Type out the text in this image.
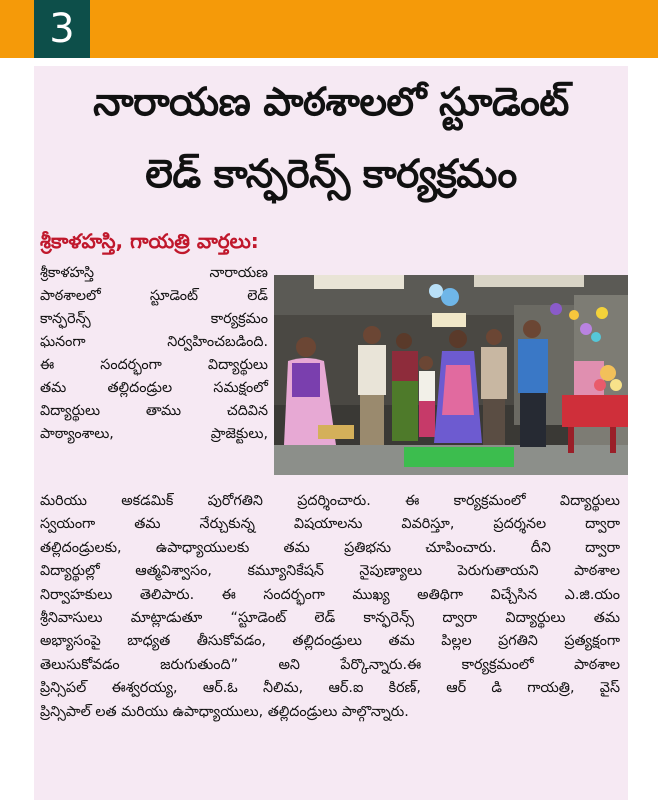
3
నారాయణ పాఠశాలలో స్టూడెంట్
లెడ్ కాన్ఫరెన్స్ కార్యక్రమం
శ్రీకాళహస్తి, గాయత్రి వార్తలు:
శ్రీకాళహస్తి నారాయణ
పాఠశాలలో స్టూడెంట్ లెడ్
కాన్ఫరెన్స్ కార్యక్రమం
ఘనంగా నిర్వహించబడింది.
ఈ సందర్భంగా విద్యార్థులు
తమ తల్లిదండ్రుల సమక్షంలో
విద్యార్థులు తాము చదివిన
పాఠ్యాంశాలు, ప్రాజెక్టులు,
మరియు అకడమిక్ పురోగతిని ప్రదర్శించారు. ఈ కార్యక్రమంలో విద్యార్థులు
స్వయంగా తమ నేర్చుకున్న విషయాలను వివరిస్తూ, ప్రదర్శనల ద్వారా
తల్లిదండ్రులకు, ఉపాధ్యాయులకు తమ ప్రతిభను చూపించారు. దీని ద్వారా
విద్యార్థుల్లో ఆత్మవిశ్వాసం, కమ్యూనికేషన్ నైపుణ్యాలు పెరుగుతాయని పాఠశాల
నిర్వాహకులు తెలిపారు. ఈ సందర్భంగా ముఖ్య అతిథిగా విచ్చేసిన ఎ.జి.యం
శ్రీనివాసులు మాట్లాడుతూ “స్టూడెంట్ లెడ్ కాన్ఫరెన్స్ ద్వారా విద్యార్థులు తమ
అభ్యాసంపై బాధ్యత తీసుకోవడం, తల్లిదండ్రులు తమ పిల్లల ప్రగతిని ప్రత్యక్షంగా
తెలుసుకోవడం జరుగుతుంది” అని పేర్కొన్నారు.ఈ కార్యక్రమంలో పాఠశాల
ప్రిన్సిపల్ ఈశ్వరయ్య, ఆర్.ఓ నీలిమ, ఆర్.ఐ కిరణ్, ఆర్ డి గాయత్రి, వైస్
ప్రిన్సిపాల్ లత మరియు ఉపాధ్యాయులు, తల్లిదండ్రులు పాల్గొన్నారు.
